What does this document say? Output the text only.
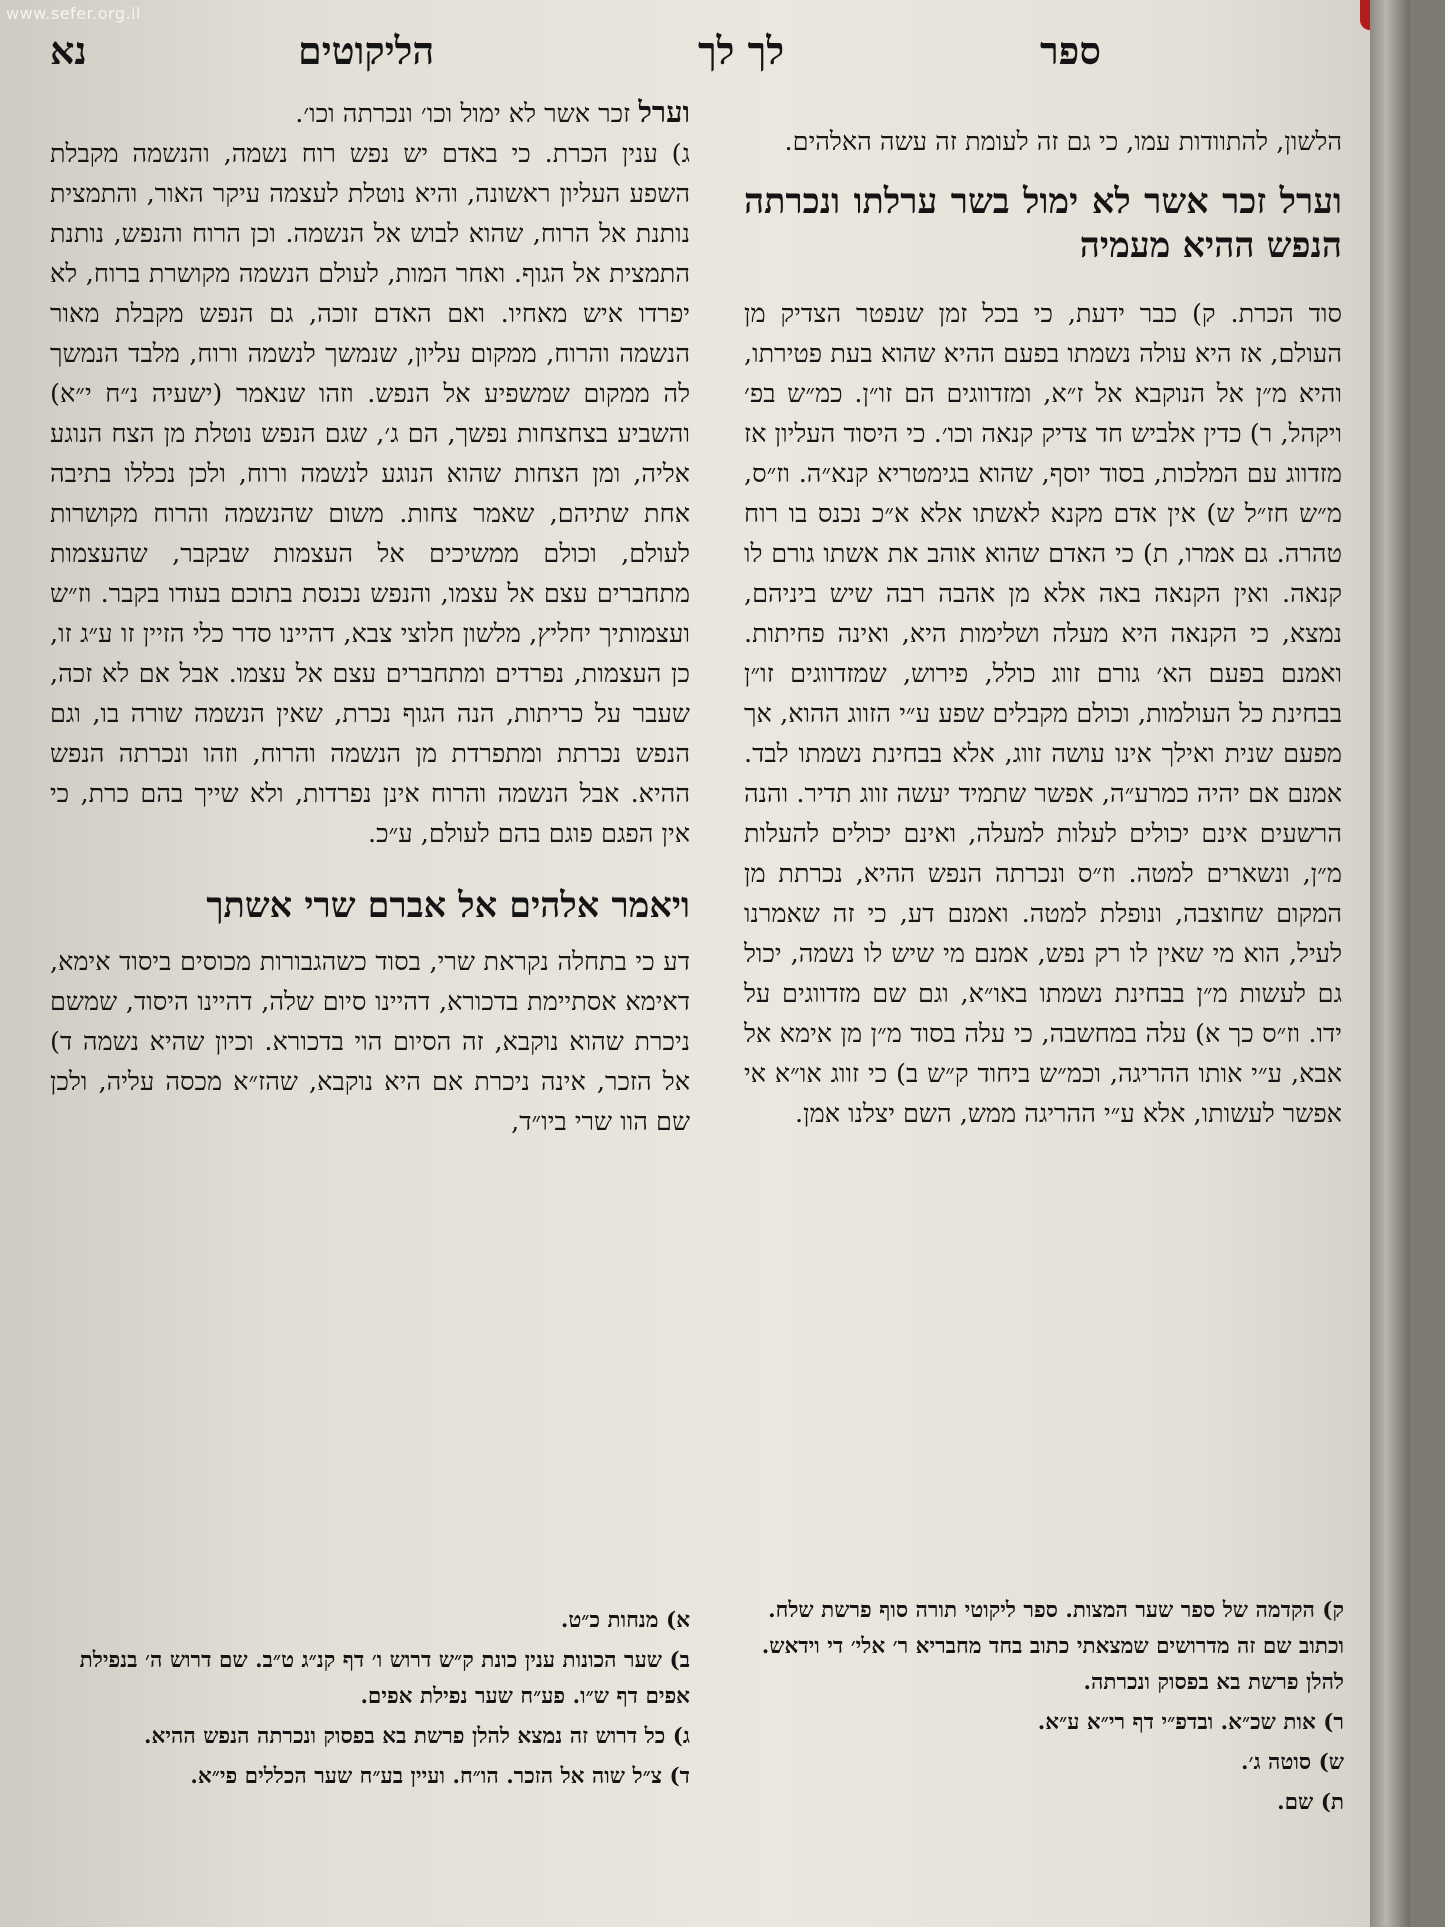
www.sefer.org.il
ספר
לך לך
הליקוטים
נא

הלשון, להתוודות עמו, כי גם זה לעומת זה עשה האלהים.

וערל זכר אשר לא ימול בשר ערלתו ונכרתה הנפש ההיא מעמיה

סוד הכרת. ק) כבר ידעת, כי בכל זמן שנפטר הצדיק מן העולם, אז היא עולה נשמתו בפעם ההיא שהוא בעת פטירתו, והיא מ״ן אל הנוקבא אל ז״א, ומזדווגים הם זו״ן. כמ״ש בפ׳ ויקהל, ר) כדין אלביש חד צדיק קנאה וכו׳. כי היסוד העליון אז מזדווג עם המלכות, בסוד יוסף, שהוא בגימטריא קנא״ה. וז״ס, מ״ש חז״ל ש) אין אדם מקנא לאשתו אלא א״כ נכנס בו רוח טהרה. גם אמרו, ת) כי האדם שהוא אוהב את אשתו גורם לו קנאה. ואין הקנאה באה אלא מן אהבה רבה שיש ביניהם, נמצא, כי הקנאה היא מעלה ושלימות היא, ואינה פחיתות. ואמנם בפעם הא׳ גורם זווג כולל, פירוש, שמזדווגים זו״ן בבחינת כל העולמות, וכולם מקבלים שפע ע״י הזווג ההוא, אך מפעם שנית ואילך אינו עושה זווג, אלא בבחינת נשמתו לבד. אמנם אם יהיה כמרע״ה, אפשר שתמיד יעשה זווג תדיר. והנה הרשעים אינם יכולים לעלות למעלה, ואינם יכולים להעלות מ״ן, ונשארים למטה. וז״ס ונכרתה הנפש ההיא, נכרתת מן המקום שחוצבה, ונופלת למטה. ואמנם דע, כי זה שאמרנו לעיל, הוא מי שאין לו רק נפש, אמנם מי שיש לו נשמה, יכול גם לעשות מ״ן בבחינת נשמתו באו״א, וגם שם מזדווגים על ידו. וז״ס כך א) עלה במחשבה, כי עלה בסוד מ״ן מן אימא אל אבא, ע״י אותו ההריגה, וכמ״ש ביחוד ק״ש ב) כי זווג או״א אי אפשר לעשותו, אלא ע״י ההריגה ממש, השם יצלנו אמן.

וערל זכר אשר לא ימול וכו׳ ונכרתה וכו׳.

ג) ענין הכרת. כי באדם יש נפש רוח נשמה, והנשמה מקבלת השפע העליון ראשונה, והיא נוטלת לעצמה עיקר האור, והתמצית נותנת אל הרוח, שהוא לבוש אל הנשמה. וכן הרוח והנפש, נותנת התמצית אל הגוף. ואחר המות, לעולם הנשמה מקושרת ברוח, לא יפרדו איש מאחיו. ואם האדם זוכה, גם הנפש מקבלת מאור הנשמה והרוח, ממקום עליון, שנמשך לנשמה ורוח, מלבד הנמשך לה ממקום שמשפיע אל הנפש. וזהו שנאמר (ישעיה נ״ח י״א) והשביע בצחצחות נפשך, הם ג׳, שגם הנפש נוטלת מן הצח הנוגע אליה, ומן הצחות שהוא הנוגע לנשמה ורוח, ולכן נכללו בתיבה אחת שתיהם, שאמר צחות. משום שהנשמה והרוח מקושרות לעולם, וכולם ממשיכים אל העצמות שבקבר, שהעצמות מתחברים עצם אל עצמו, והנפש נכנסת בתוכם בעודו בקבר. וז״ש ועצמותיך יחליץ, מלשון חלוצי צבא, דהיינו סדר כלי הזיין זו ע״ג זו, כן העצמות, נפרדים ומתחברים עצם אל עצמו. אבל אם לא זכה, שעבר על כריתות, הנה הגוף נכרת, שאין הנשמה שורה בו, וגם הנפש נכרתת ומתפרדת מן הנשמה והרוח, וזהו ונכרתה הנפש ההיא. אבל הנשמה והרוח אינן נפרדות, ולא שייך בהם כרת, כי אין הפגם פוגם בהם לעולם, ע״כ.

ויאמר אלהים אל אברם שרי אשתך

דע כי בתחלה נקראת שרי, בסוד כשהגבורות מכוסים ביסוד אימא, דאימא אסתיימת בדכורא, דהיינו סיום שלה, דהיינו היסוד, שמשם ניכרת שהוא נוקבא, זה הסיום הוי בדכורא. וכיון שהיא נשמה ד) אל הזכר, אינה ניכרת אם היא נוקבא, שהז״א מכסה עליה, ולכן שם הוו שרי ביו״ד,

א) מנחות כ״ט.

ב) שער הכונות ענין כונת ק״ש דרוש ו׳ דף קנ״ג ט״ב. שם דרוש ה׳ בנפילת אפים דף ש״ו. פע״ח שער נפילת אפים.

ג) כל דרוש זה נמצא להלן פרשת בא בפסוק ונכרתה הנפש ההיא.

ד) צ״ל שוה אל הזכר. הו״ח. ועיין בע״ח שער הכללים פי״א.

ק) הקדמה של ספר שער המצות. ספר ליקוטי תורה סוף פרשת שלח. וכתוב שם זה מדרושים שמצאתי כתוב בחד מחבריא ר׳ אלי׳ די וידאש. להלן פרשת בא בפסוק ונכרתה.

ר) אות שכ״א. ובדפ״י דף רי״א ע״א.

ש) סוטה ג׳.

ת) שם.
